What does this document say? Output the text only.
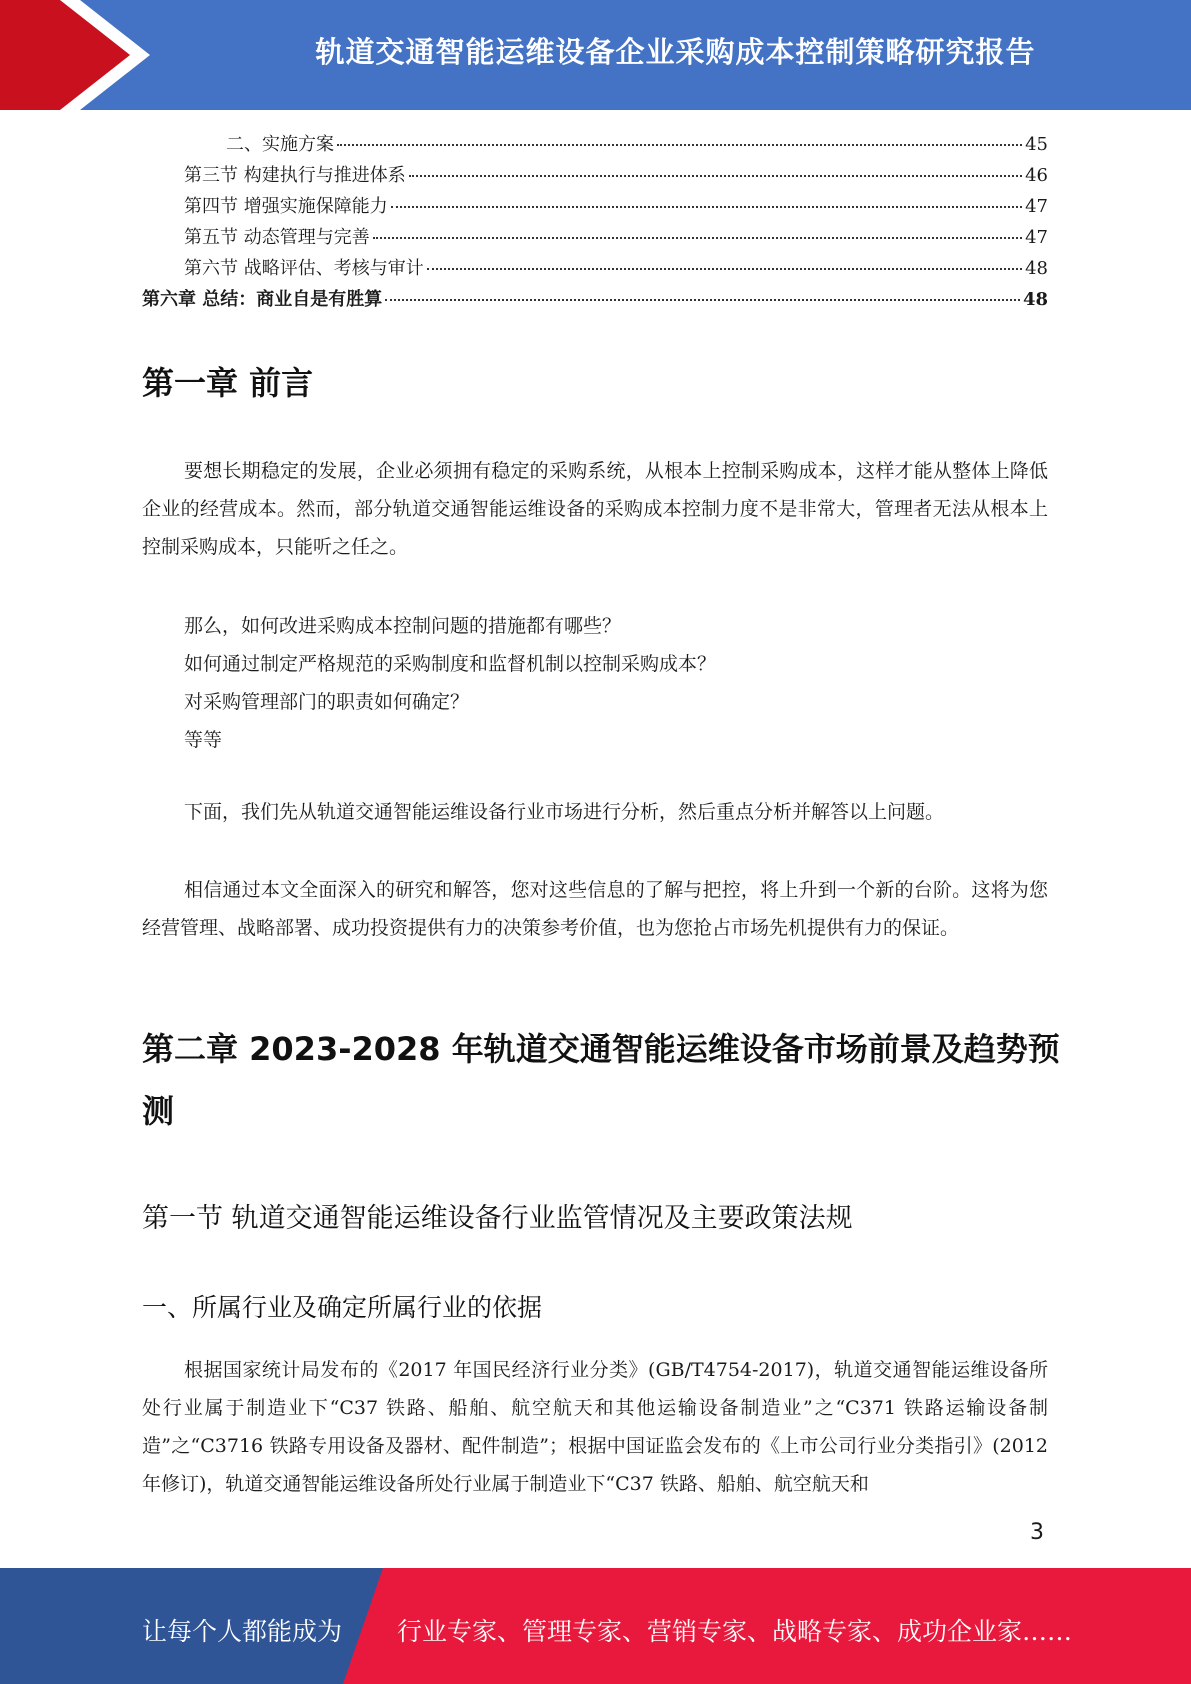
轨道交通智能运维设备企业采购成本控制策略研究报告
二、实施方案	45
第三节 构建执行与推进体系	46
第四节 增强实施保障能力	47
第五节 动态管理与完善	47
第六节 战略评估、考核与审计	48
第六章 总结：商业自是有胜算	48
第一章 前言

要想长期稳定的发展，企业必须拥有稳定的采购系统，从根本上控制采购成本，这样才能从整体上降低企业的经营成本。然而，部分轨道交通智能运维设备的采购成本控制力度不是非常大，管理者无法从根本上控制采购成本，只能听之任之。

那么，如何改进采购成本控制问题的措施都有哪些？
如何通过制定严格规范的采购制度和监督机制以控制采购成本？
对采购管理部门的职责如何确定？
等等

下面，我们先从轨道交通智能运维设备行业市场进行分析，然后重点分析并解答以上问题。

相信通过本文全面深入的研究和解答，您对这些信息的了解与把控，将上升到一个新的台阶。这将为您经营管理、战略部署、成功投资提供有力的决策参考价值，也为您抢占市场先机提供有力的保证。

第二章 2023-2028 年轨道交通智能运维设备市场前景及趋势预测
第一节 轨道交通智能运维设备行业监管情况及主要政策法规
一、所属行业及确定所属行业的依据

根据国家统计局发布的《2017 年国民经济行业分类》(GB/T4754-2017)，轨道交通智能运维设备所处行业属于制造业下“C37 铁路、船舶、航空航天和其他运输设备制造业”之“C371 铁路运输设备制造”之“C3716 铁路专用设备及器材、配件制造”；根据中国证监会发布的《上市公司行业分类指引》(2012 年修订)，轨道交通智能运维设备所处行业属于制造业下“C37 铁路、船舶、航空航天和

3
让每个人都能成为 行业专家、管理专家、营销专家、战略专家、成功企业家……
